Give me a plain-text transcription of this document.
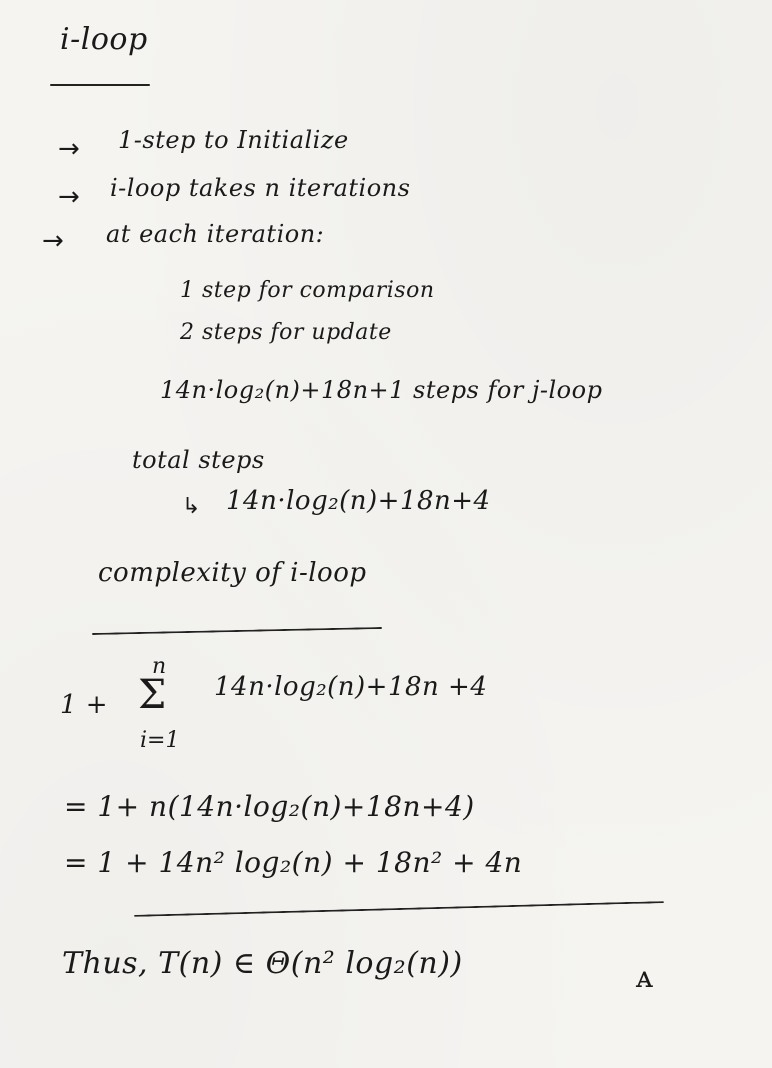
i-loop
→ 1-step to Initialize
→ i-loop takes n iterations
→ at each iteration:
1 step for comparison
2 steps for update
14n·log₂(n)+18n+1 steps for j-loop
total steps
↳ 14n·log₂(n)+18n+4
complexity of i-loop
n
1 + Σ
i=1
14n·log₂(n)+18n +4
= 1+ n(14n·log₂(n)+18n+4)
= 1 + 14n² log₂(n) + 18n² + 4n
Thus, T(n) ∈ Θ(n² log₂(n))	ᴀ
